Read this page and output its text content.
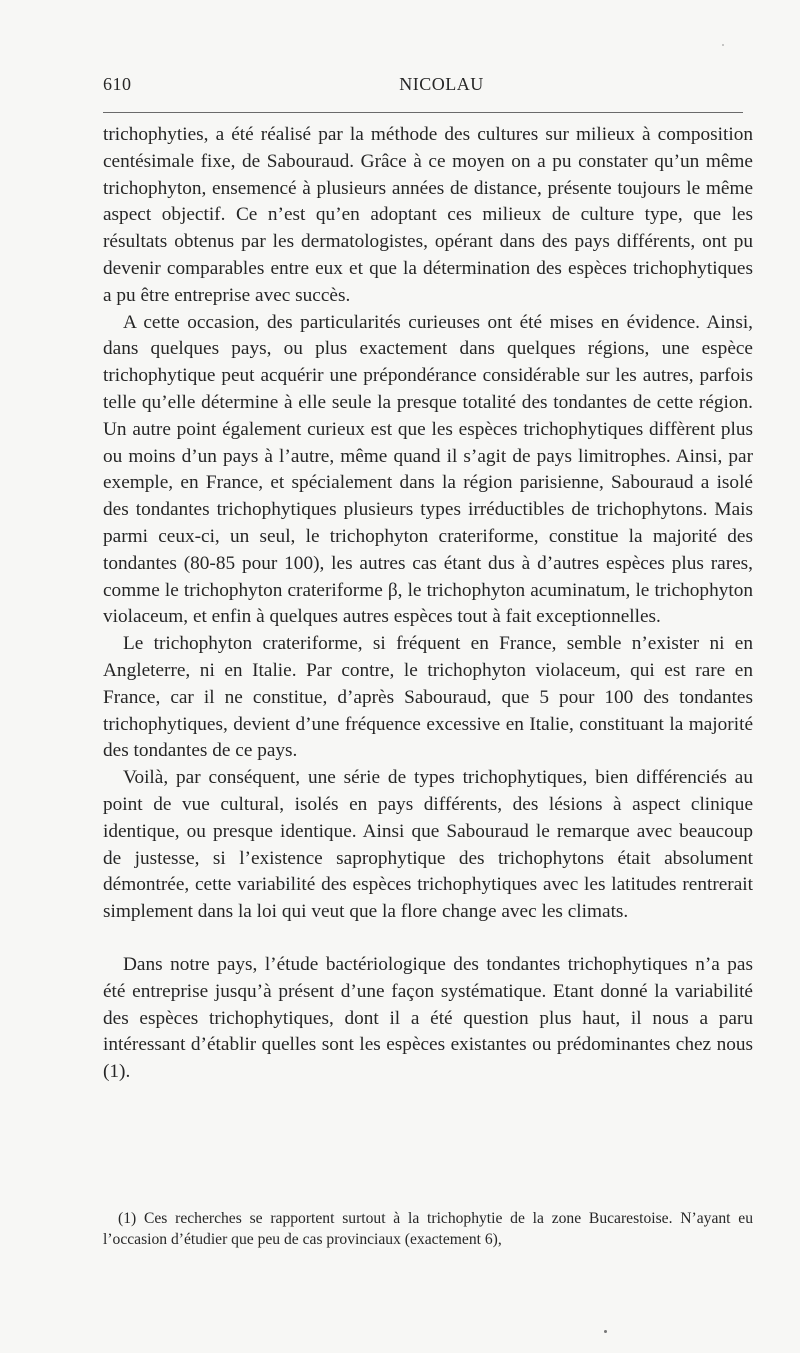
610	NICOLAU

trichophyties, a été réalisé par la méthode des cultures sur milieux à composition centésimale fixe, de Sabouraud. Grâce à ce moyen on a pu constater qu’un même trichophyton, ensemencé à plusieurs années de distance, présente toujours le même aspect objectif. Ce n’est qu’en adoptant ces milieux de culture type, que les résultats obtenus par les dermatologistes, opérant dans des pays différents, ont pu devenir comparables entre eux et que la détermination des espèces trichophytiques a pu être entreprise avec succès.

A cette occasion, des particularités curieuses ont été mises en évidence. Ainsi, dans quelques pays, ou plus exactement dans quelques régions, une espèce trichophytique peut acquérir une prépondérance considérable sur les autres, parfois telle qu’elle détermine à elle seule la presque totalité des tondantes de cette région. Un autre point également curieux est que les espèces trichophytiques diffèrent plus ou moins d’un pays à l’autre, même quand il s’agit de pays limitrophes. Ainsi, par exemple, en France, et spécialement dans la région parisienne, Sabouraud a isolé des tondantes trichophytiques plusieurs types irréductibles de trichophytons. Mais parmi ceux-ci, un seul, le trichophyton crateriforme, constitue la majorité des tondantes (80-85 pour 100), les autres cas étant dus à d’autres espèces plus rares, comme le trichophyton crateriforme β, le trichophyton acuminatum, le trichophyton violaceum, et enfin à quelques autres espèces tout à fait exceptionnelles.

Le trichophyton crateriforme, si fréquent en France, semble n’exister ni en Angleterre, ni en Italie. Par contre, le trichophyton violaceum, qui est rare en France, car il ne constitue, d’après Sabouraud, que 5 pour 100 des tondantes trichophytiques, devient d’une fréquence excessive en Italie, constituant la majorité des tondantes de ce pays.

Voilà, par conséquent, une série de types trichophytiques, bien différenciés au point de vue cultural, isolés en pays différents, des lésions à aspect clinique identique, ou presque identique. Ainsi que Sabouraud le remarque avec beaucoup de justesse, si l’existence saprophytique des trichophytons était absolument démontrée, cette variabilité des espèces trichophytiques avec les latitudes rentrerait simplement dans la loi qui veut que la flore change avec les climats.

Dans notre pays, l’étude bactériologique des tondantes trichophytiques n’a pas été entreprise jusqu’à présent d’une façon systématique. Etant donné la variabilité des espèces trichophytiques, dont il a été question plus haut, il nous a paru intéressant d’établir quelles sont les espèces existantes ou prédominantes chez nous (1).

(1) Ces recherches se rapportent surtout à la trichophytie de la zone Bucarestoise. N’ayant eu l’occasion d’étudier que peu de cas provinciaux (exactement 6),
